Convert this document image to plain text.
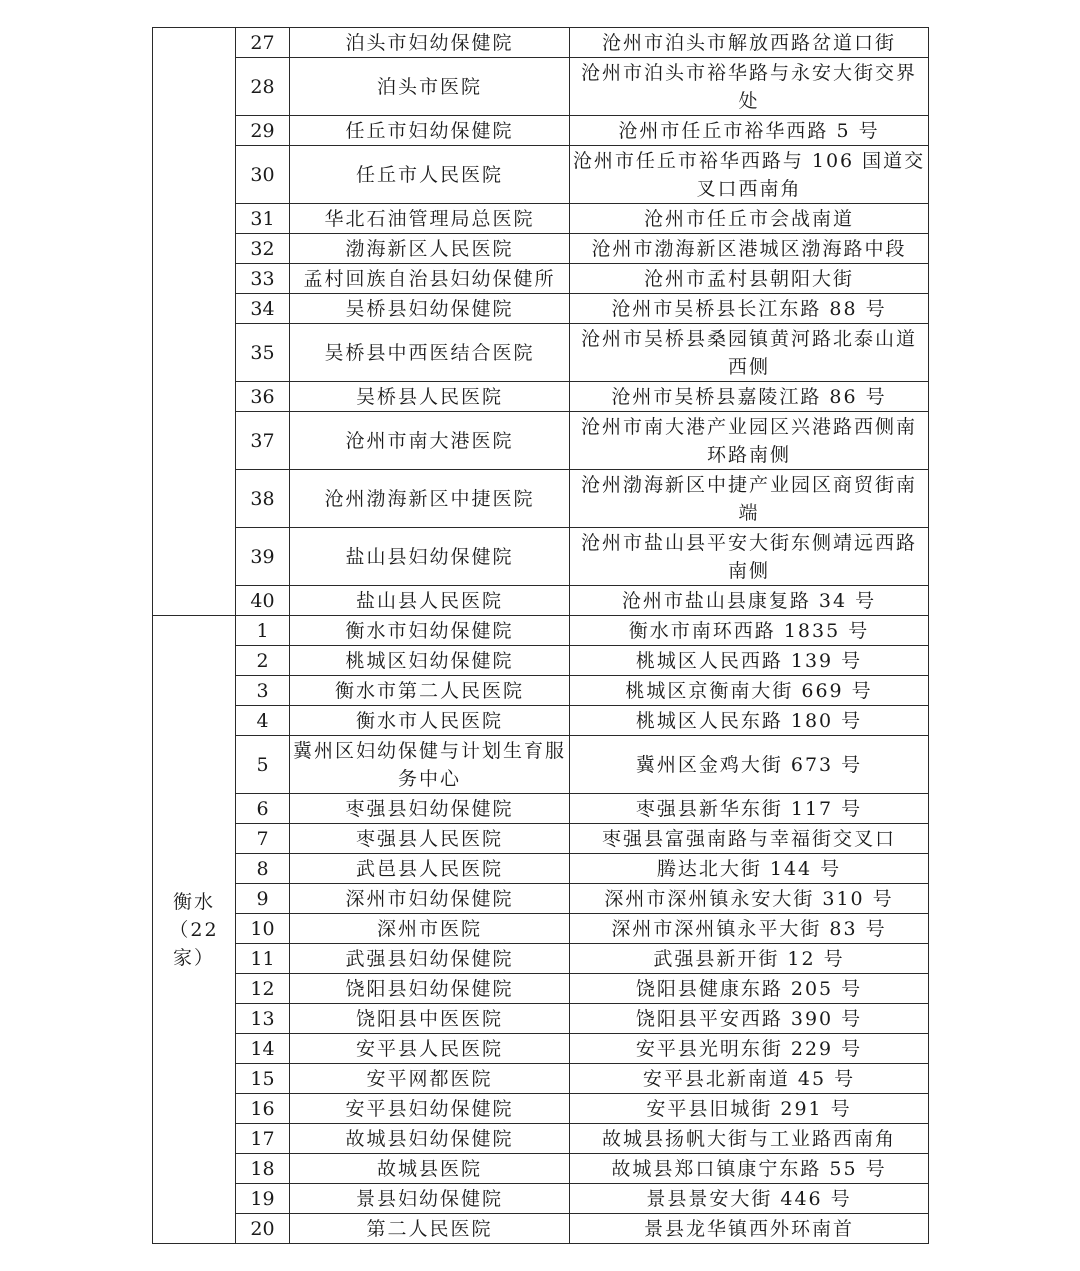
	27	泊头市妇幼保健院	沧州市泊头市解放西路岔道口街
	28	泊头市医院	沧州市泊头市裕华路与永安大街交界处
	29	任丘市妇幼保健院	沧州市任丘市裕华西路 5 号
	30	任丘市人民医院	沧州市任丘市裕华西路与 106 国道交叉口西南角
	31	华北石油管理局总医院	沧州市任丘市会战南道
	32	渤海新区人民医院	沧州市渤海新区港城区渤海路中段
	33	孟村回族自治县妇幼保健所	沧州市孟村县朝阳大街
	34	吴桥县妇幼保健院	沧州市吴桥县长江东路 88 号
	35	吴桥县中西医结合医院	沧州市吴桥县桑园镇黄河路北泰山道西侧
	36	吴桥县人民医院	沧州市吴桥县嘉陵江路 86 号
	37	沧州市南大港医院	沧州市南大港产业园区兴港路西侧南环路南侧
	38	沧州渤海新区中捷医院	沧州渤海新区中捷产业园区商贸街南端
	39	盐山县妇幼保健院	沧州市盐山县平安大街东侧靖远西路南侧
	40	盐山县人民医院	沧州市盐山县康复路 34 号

衡水
（22家）	1	衡水市妇幼保健院	衡水市南环西路 1835 号
	2	桃城区妇幼保健院	桃城区人民西路 139 号
	3	衡水市第二人民医院	桃城区京衡南大街 669 号
	4	衡水市人民医院	桃城区人民东路 180 号
	5	冀州区妇幼保健与计划生育服务中心	冀州区金鸡大街 673 号
	6	枣强县妇幼保健院	枣强县新华东街 117 号
	7	枣强县人民医院	枣强县富强南路与幸福街交叉口
	8	武邑县人民医院	腾达北大街 144 号
	9	深州市妇幼保健院	深州市深州镇永安大街 310 号
	10	深州市医院	深州市深州镇永平大街 83 号
	11	武强县妇幼保健院	武强县新开街 12 号
	12	饶阳县妇幼保健院	饶阳县健康东路 205 号
	13	饶阳县中医医院	饶阳县平安西路 390 号
	14	安平县人民医院	安平县光明东街 229 号
	15	安平网都医院	安平县北新南道 45 号
	16	安平县妇幼保健院	安平县旧城街 291 号
	17	故城县妇幼保健院	故城县扬帆大街与工业路西南角
	18	故城县医院	故城县郑口镇康宁东路 55 号
	19	景县妇幼保健院	景县景安大街 446 号
	20	第二人民医院	景县龙华镇西外环南首
